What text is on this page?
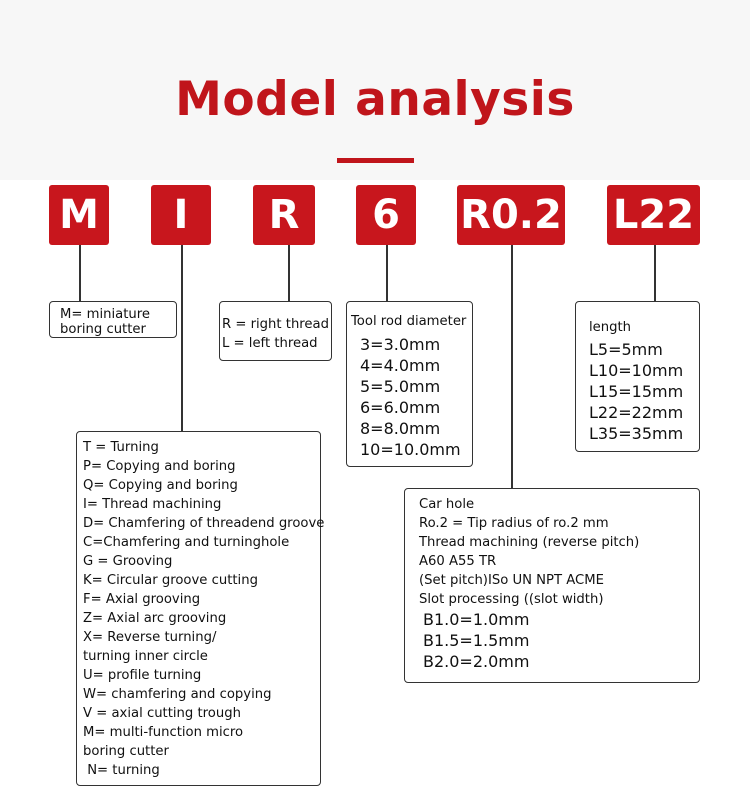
Model analysis
M	I	R	6	R0.2 L22
M= miniature
boring cutter	R = right thread
L = left thread
Tool rod diameter
3=3.0mm
4=4.0mm
5=5.0mm
6=6.0mm
8=8.0mm
10=10.0mm
length
L5=5mm
L10=10mm
L15=15mm
L22=22mm
L35=35mm
T = Turning
P= Copying and boring
Q= Copying and boring
I= Thread machining
D= Chamfering of threadend groove
C=Chamfering and turninghole
G = Grooving
K= Circular groove cutting
F= Axial grooving
Z= Axial arc grooving
X= Reverse turning/
turning inner circle
U= profile turning
W= chamfering and copying
V = axial cutting trough
M= multi-function micro
boring cutter
N= turning
Car hole
Ro.2 = Tip radius of ro.2 mm
Thread machining (reverse pitch)
A60 A55 TR
(Set pitch)ISo UN NPT ACME
Slot processing ((slot width)
B1.0=1.0mm
B1.5=1.5mm
B2.0=2.0mm
